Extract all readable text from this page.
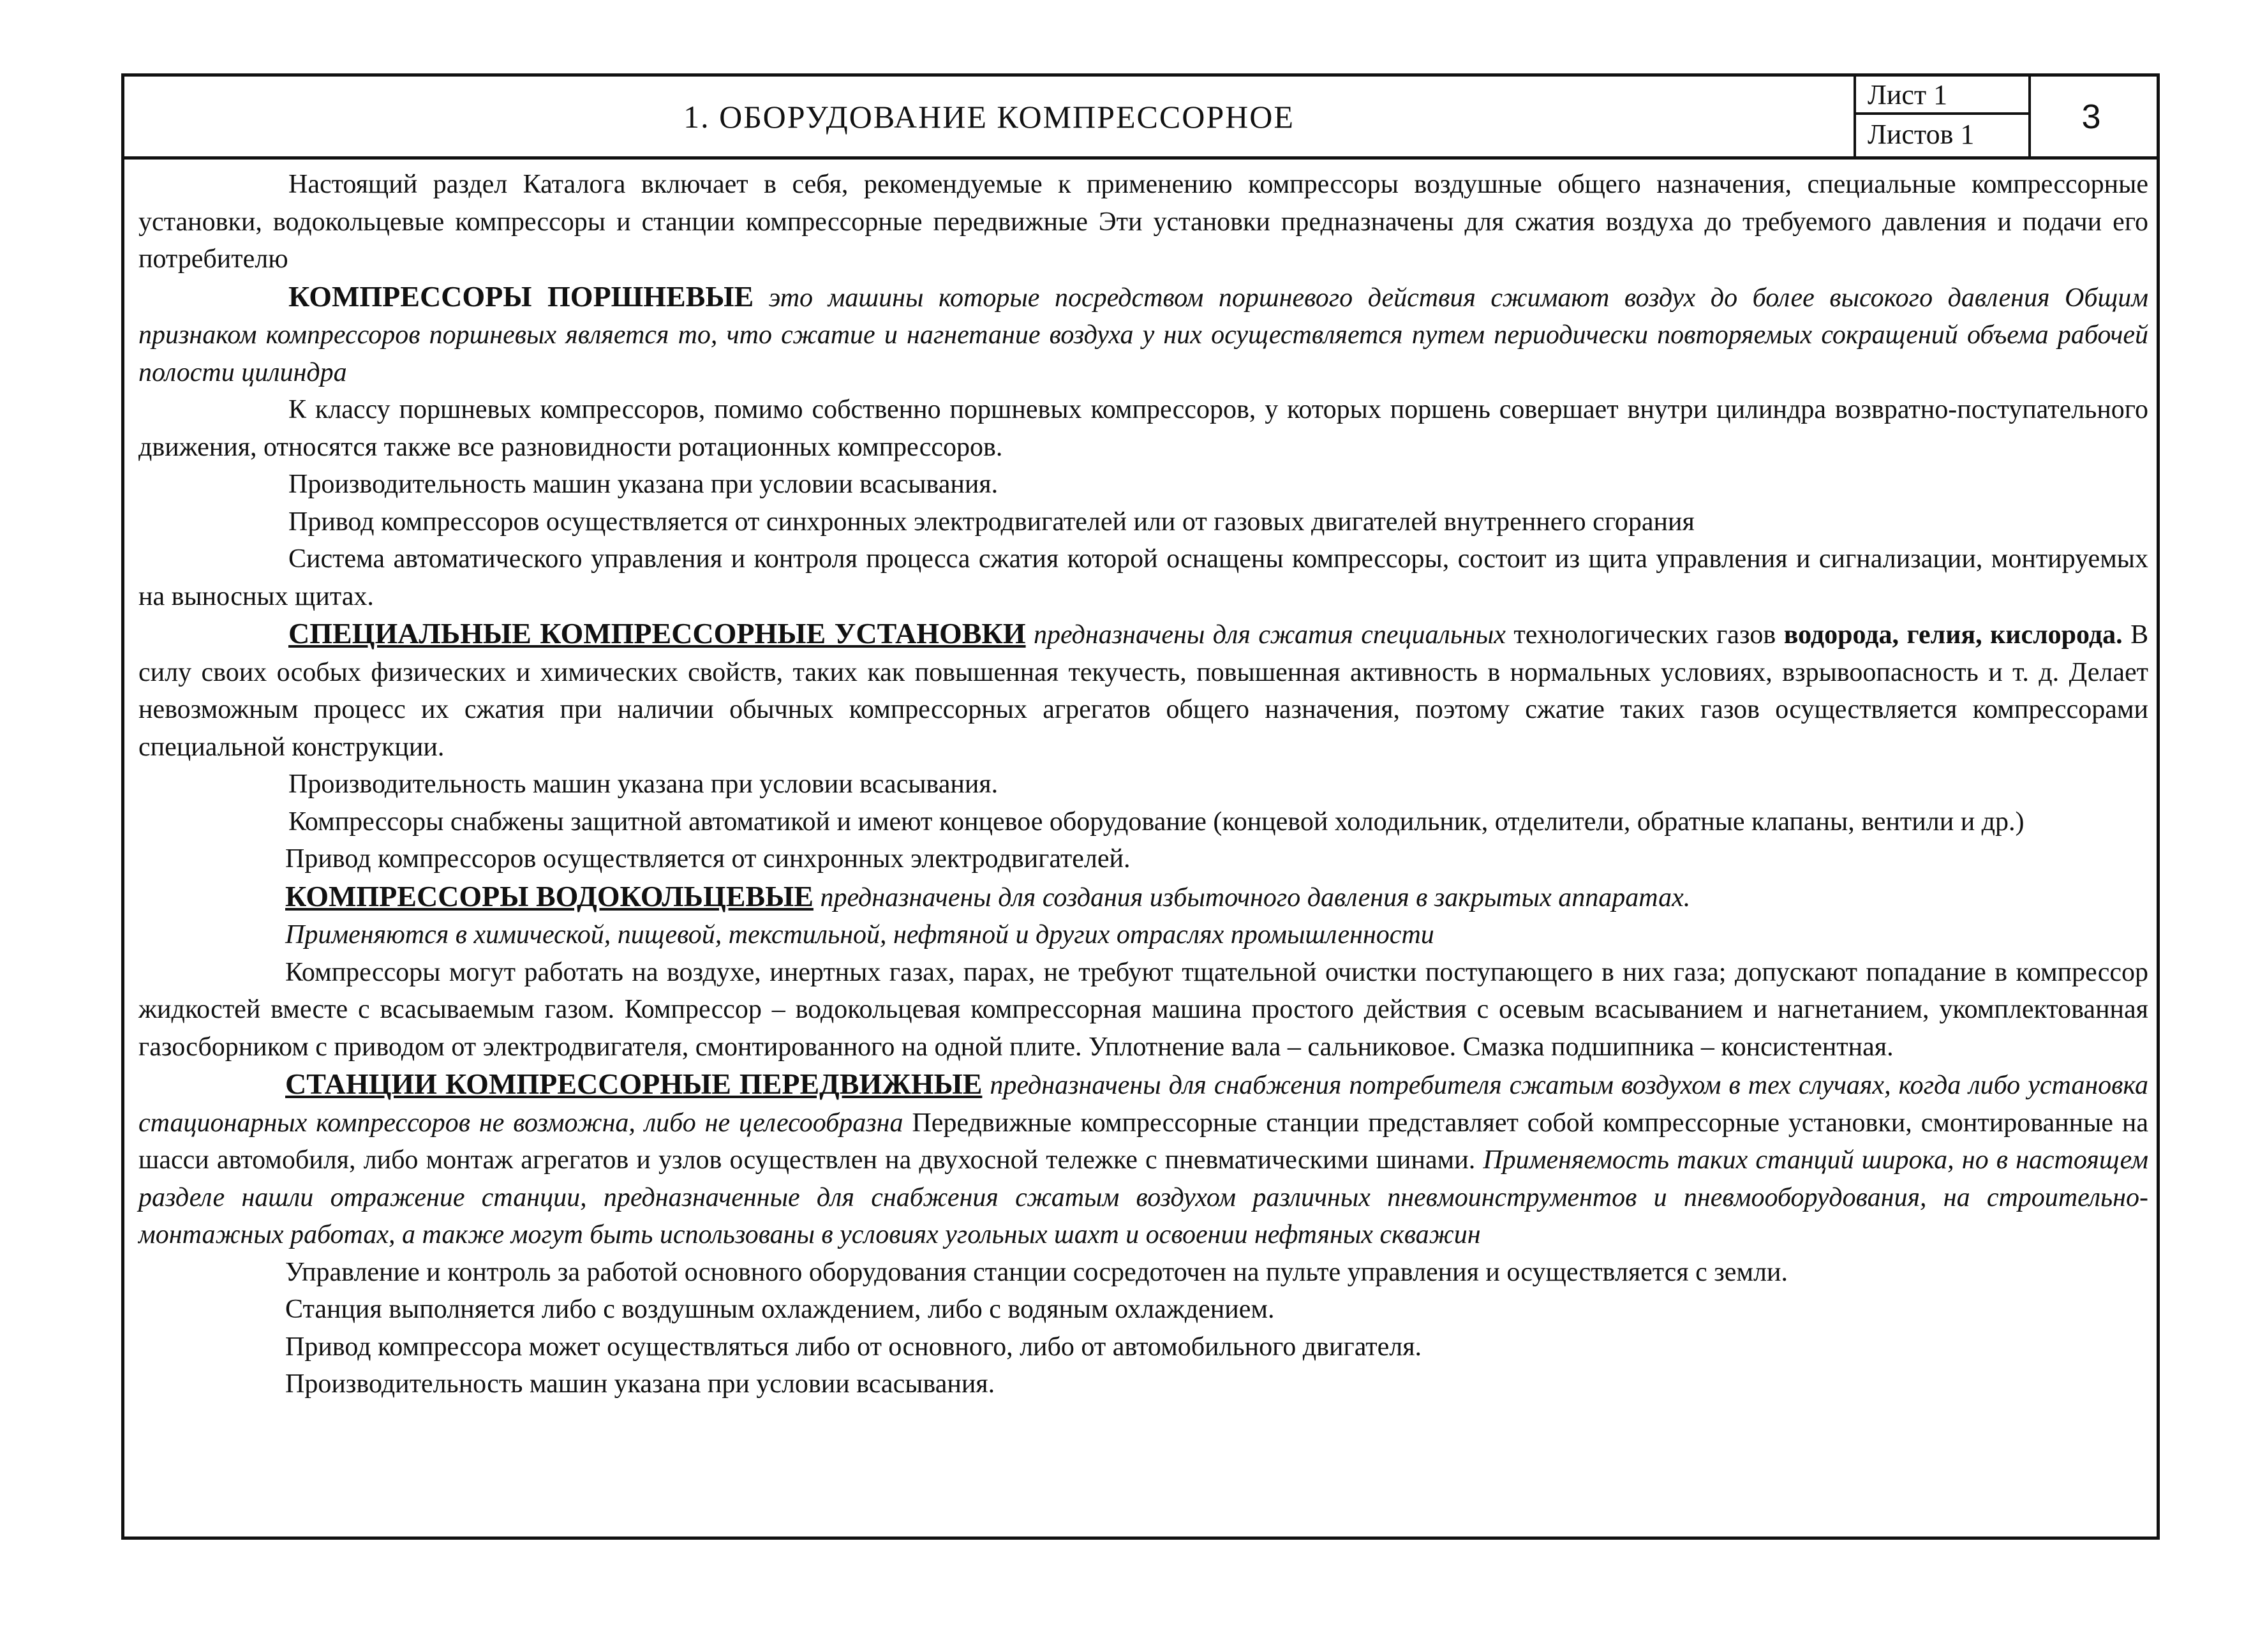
1. ОБОРУДОВАНИЕ КОМПРЕССОРНОЕ
Лист 1
Листов 1	3

Настоящий раздел Каталога включает в себя, рекомендуемые к применению компрессоры воздушные общего назначения, специальные компрессорные установки, водокольцевые компрессоры и станции компрессорные передвижные Эти установки предназначены для сжатия воздуха до требуемого давления и подачи его потребителю

КОМПРЕССОРЫ ПОРШНЕВЫЕ это машины которые посредством поршневого действия сжимают воздух до более высокого давления Общим признаком компрессоров поршневых является то, что сжатие и нагнетание воздуха у них осуществляется путем периодически повторяемых сокращений объема рабочей полости цилиндра

К классу поршневых компрессоров, помимо собственно поршневых компрессоров, у которых поршень совершает внутри цилиндра возвратно-поступательного движения, относятся также все разновидности ротационных компрессоров.

Производительность машин указана при условии всасывания.

Привод компрессоров осуществляется от синхронных электродвигателей или от газовых двигателей внутреннего сгорания

Система автоматического управления и контроля процесса сжатия которой оснащены компрессоры, состоит из щита управления и сигнализации, монтируемых на выносных щитах.

СПЕЦИАЛЬНЫЕ КОМПРЕССОРНЫЕ УСТАНОВКИ предназначены для сжатия специальных технологических газов водорода, гелия, кислорода. В силу своих особых физических и химических свойств, таких как повышенная текучесть, повышенная активность в нормальных условиях, взрывоопасность и т. д. Делает невозможным процесс их сжатия при наличии обычных компрессорных агрегатов общего назначения, поэтому сжатие таких газов осуществляется компрессорами специальной конструкции.

Производительность машин указана при условии всасывания.

Компрессоры снабжены защитной автоматикой и имеют концевое оборудование (концевой холодильник, отделители, обратные клапаны, вентили и др.)

Привод компрессоров осуществляется от синхронных электродвигателей.

КОМПРЕССОРЫ ВОДОКОЛЬЦЕВЫЕ предназначены для создания избыточного давления в закрытых аппаратах.

Применяются в химической, пищевой, текстильной, нефтяной и других отраслях промышленности

Компрессоры могут работать на воздухе, инертных газах, парах, не требуют тщательной очистки поступающего в них газа; допускают попадание в компрессор жидкостей вместе с всасываемым газом. Компрессор – водокольцевая компрессорная машина простого действия с осевым всасыванием и нагнетанием, укомплектованная газосборником с приводом от электродвигателя, смонтированного на одной плите. Уплотнение вала – сальниковое. Смазка подшипника – консистентная.

СТАНЦИИ КОМПРЕССОРНЫЕ ПЕРЕДВИЖНЫЕ предназначены для снабжения потребителя сжатым воздухом в тех случаях, когда либо установка стационарных компрессоров не возможна, либо не целесообразна Передвижные компрессорные станции представляет собой компрессорные установки, смонтированные на шасси автомобиля, либо монтаж агрегатов и узлов осуществлен на двухосной тележке с пневматическими шинами. Применяемость таких станций широка, но в настоящем разделе нашли отражение станции, предназначенные для снабжения сжатым воздухом различных пневмоинструментов и пневмооборудования, на строительно-монтажных работах, а также могут быть использованы в условиях угольных шахт и освоении нефтяных скважин

Управление и контроль за работой основного оборудования станции сосредоточен на пульте управления и осуществляется с земли.

Станция выполняется либо с воздушным охлаждением, либо с водяным охлаждением.

Привод компрессора может осуществляться либо от основного, либо от автомобильного двигателя.

Производительность машин указана при условии всасывания.
